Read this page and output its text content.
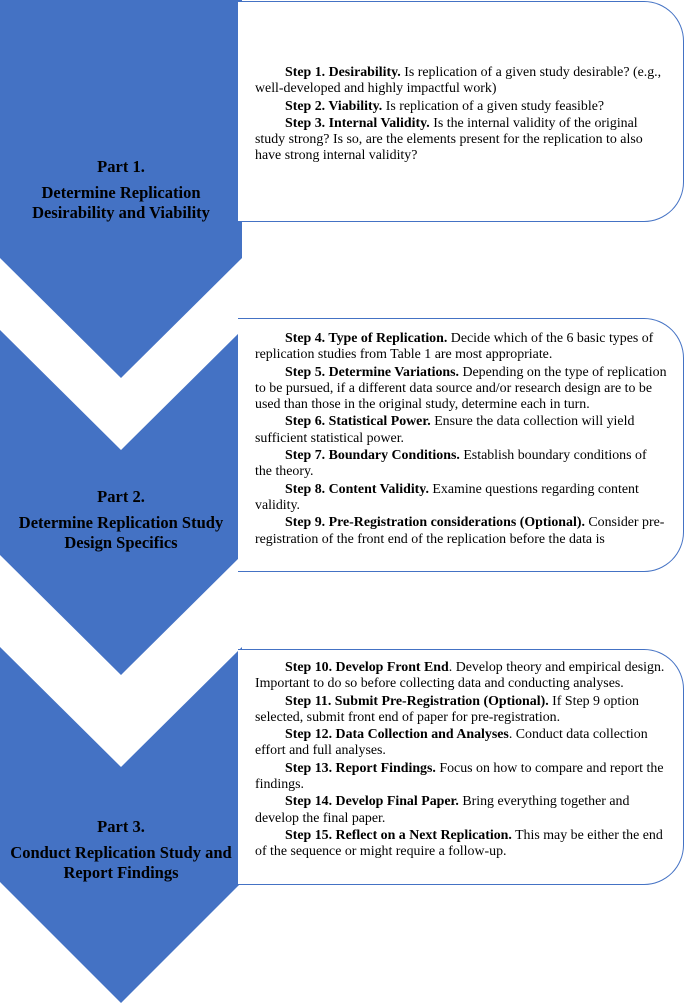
Part 1.
Determine Replication Desirability and Viability
Part 2.
Determine Replication Study Design Specifics
Part 3.
Conduct Replication Study and Report Findings

Step 1. Desirability. Is replication of a given study desirable? (e.g., well-developed and highly impactful work)

Step 2. Viability. Is replication of a given study feasible?

Step 3. Internal Validity. Is the internal validity of the original study strong? Is so, are the elements present for the replication to also have strong internal validity?

Step 4. Type of Replication. Decide which of the 6 basic types of replication studies from Table 1 are most appropriate.

Step 5. Determine Variations. Depending on the type of replication to be pursued, if a different data source and/or research design are to be used than those in the original study, determine each in turn.

Step 6. Statistical Power. Ensure the data collection will yield sufficient statistical power.

Step 7. Boundary Conditions. Establish boundary conditions of the theory.

Step 8. Content Validity. Examine questions regarding content validity.

Step 9. Pre-Registration considerations (Optional). Consider pre-registration of the front end of the replication before the data is

Step 10. Develop Front End. Develop theory and empirical design. Important to do so before collecting data and conducting analyses.

Step 11. Submit Pre-Registration (Optional). If Step 9 option selected, submit front end of paper for pre-registration.

Step 12. Data Collection and Analyses. Conduct data collection effort and full analyses.

Step 13. Report Findings. Focus on how to compare and report the findings.

Step 14. Develop Final Paper. Bring everything together and develop the final paper.

Step 15. Reflect on a Next Replication. This may be either the end of the sequence or might require a follow-up.
